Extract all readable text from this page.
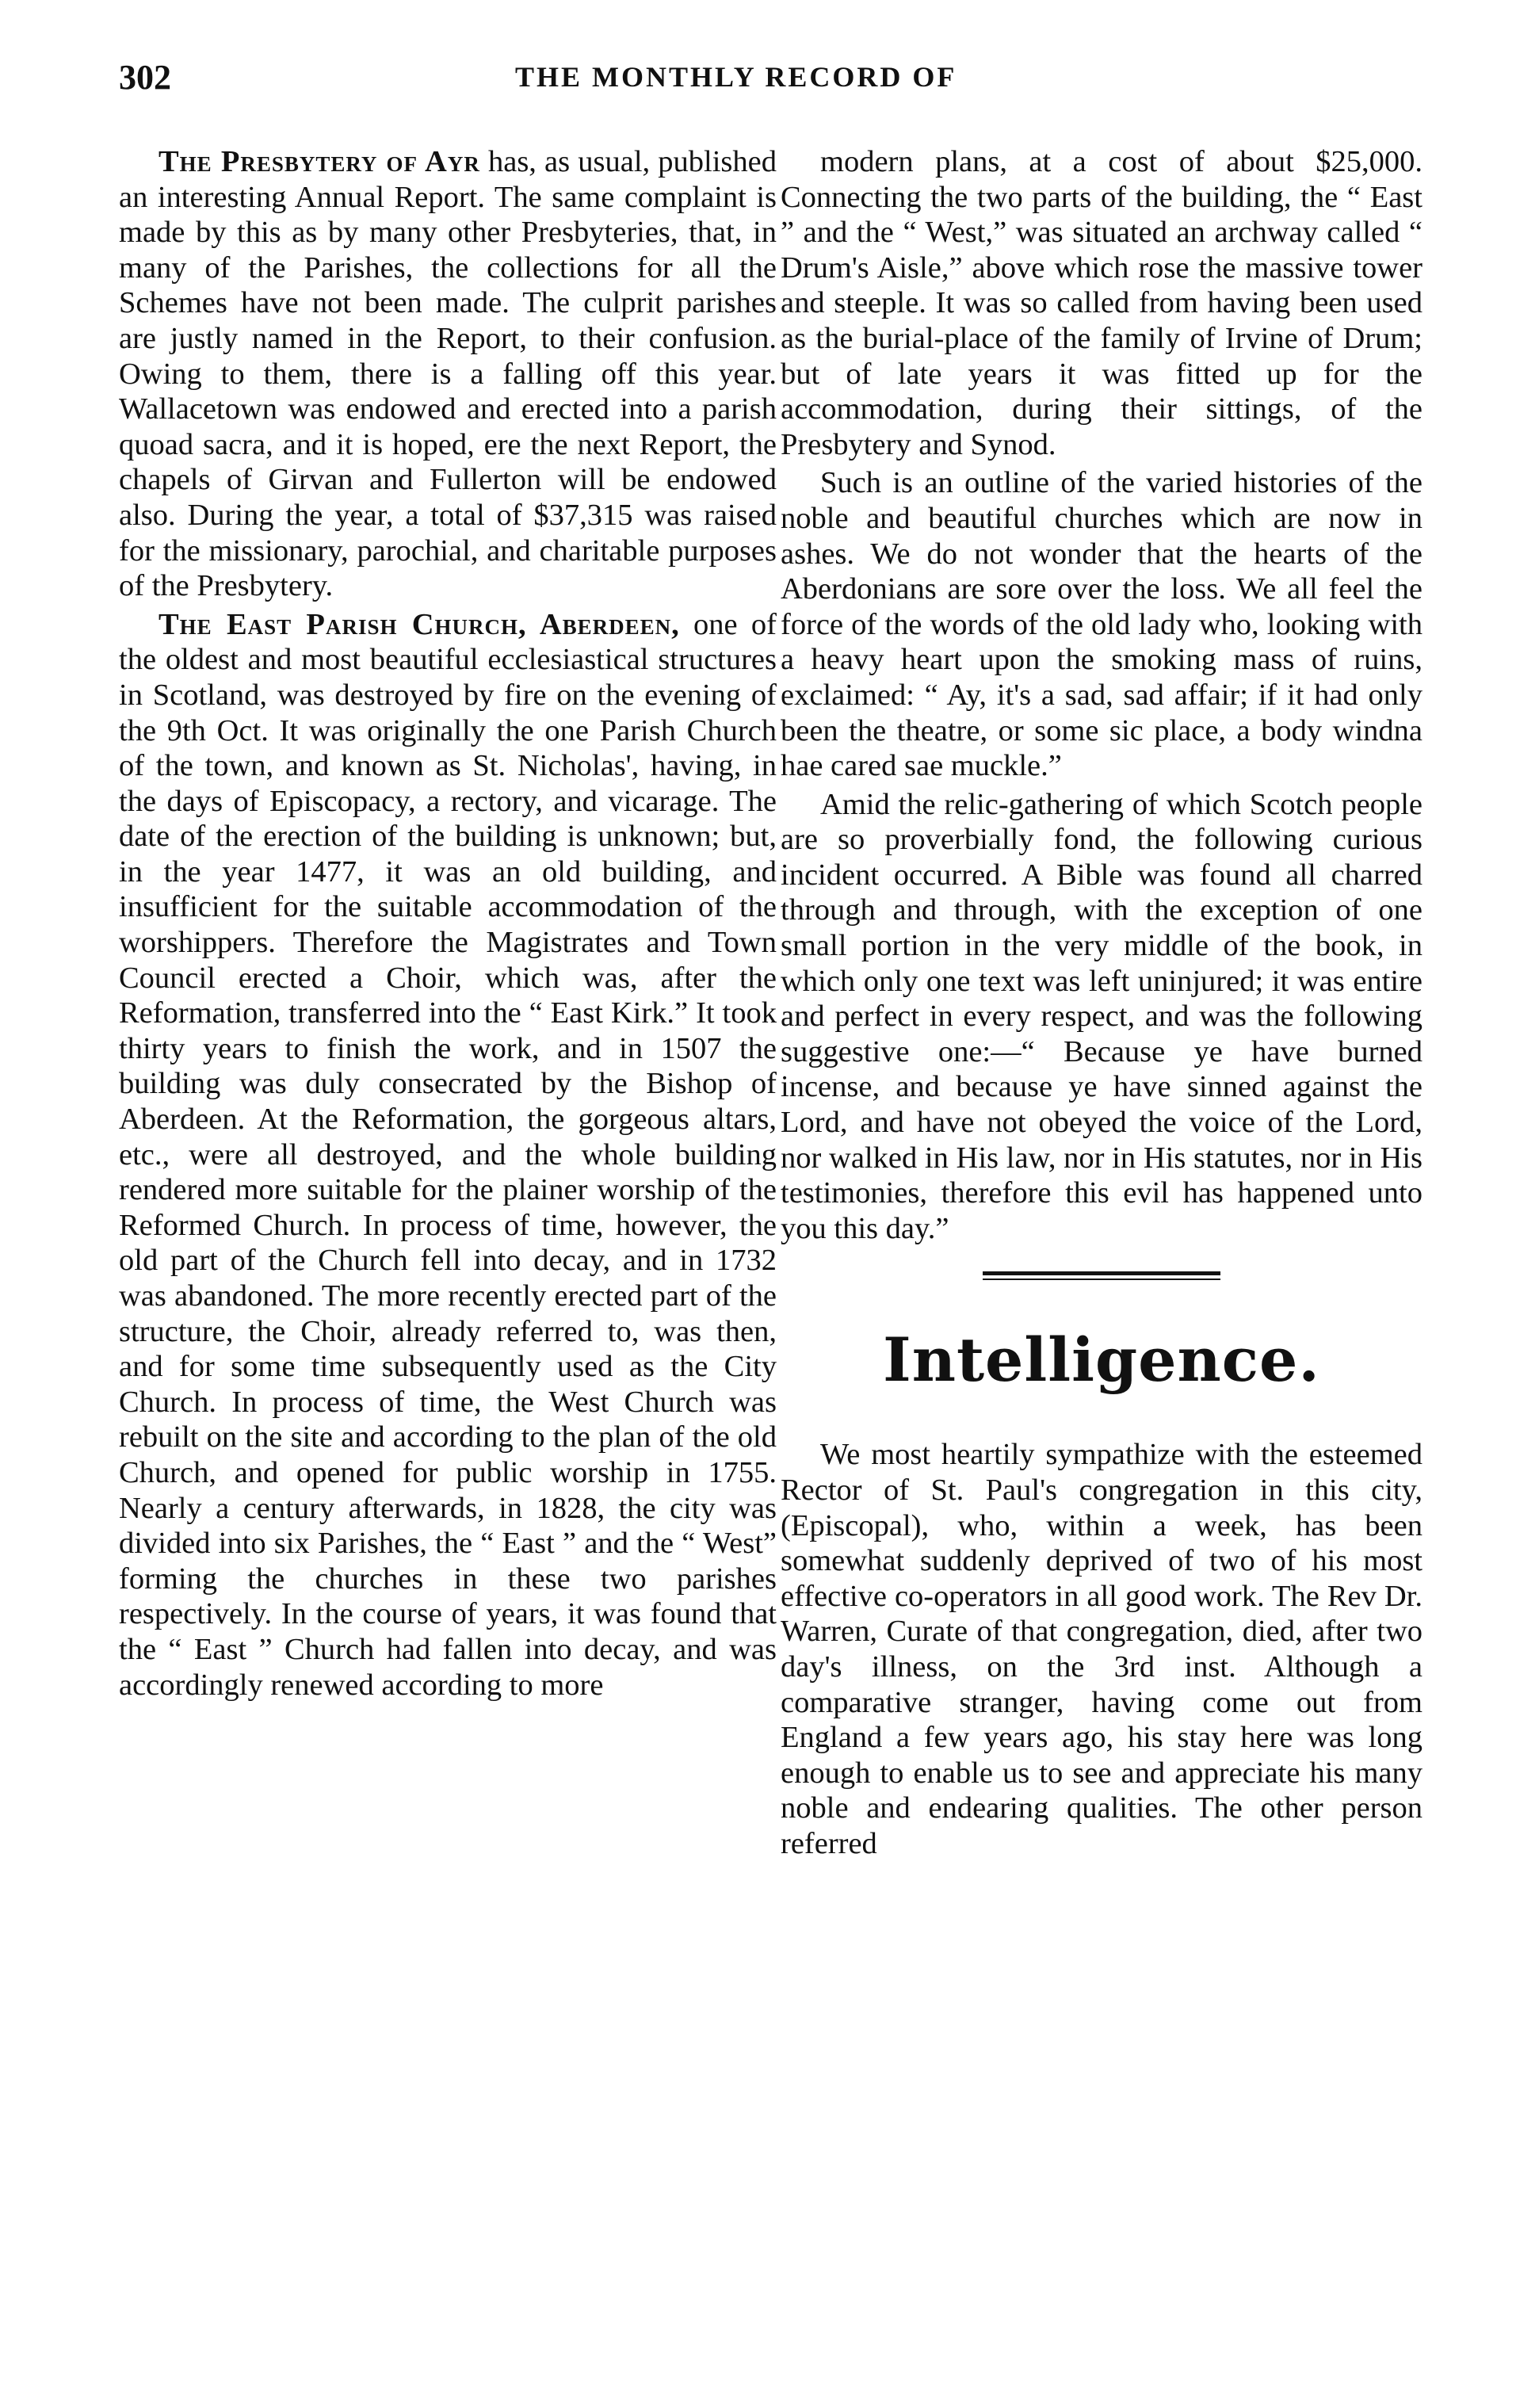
302	THE MONTHLY RECORD OF

The Presbytery of Ayr has, as usual, published an interesting Annual Report. The same complaint is made by this as by many other Presbyteries, that, in many of the Parishes, the collections for all the Schemes have not been made. The culprit parishes are justly named in the Report, to their confusion. Owing to them, there is a falling off this year. Wallacetown was endowed and erected into a parish quoad sacra, and it is hoped, ere the next Report, the chapels of Girvan and Fullerton will be endowed also. During the year, a total of $37,315 was raised for the missionary, parochial, and charitable purposes of the Presbytery.

The East Parish Church, Aberdeen, one of the oldest and most beautiful ecclesiastical structures in Scotland, was destroyed by fire on the evening of the 9th Oct. It was originally the one Parish Church of the town, and known as St. Nicholas', having, in the days of Episcopacy, a rectory, and vicarage. The date of the erection of the building is unknown; but, in the year 1477, it was an old building, and insufficient for the suitable accommodation of the worshippers. Therefore the Magistrates and Town Council erected a Choir, which was, after the Reformation, transferred into the “ East Kirk.” It took thirty years to finish the work, and in 1507 the building was duly consecrated by the Bishop of Aberdeen. At the Reformation, the gorgeous altars, etc., were all destroyed, and the whole building rendered more suitable for the plainer worship of the Reformed Church. In process of time, however, the old part of the Church fell into decay, and in 1732 was abandoned. The more recently erected part of the structure, the Choir, already referred to, was then, and for some time subsequently used as the City Church. In process of time, the West Church was rebuilt on the site and according to the plan of the old Church, and opened for public worship in 1755. Nearly a century afterwards, in 1828, the city was divided into six Parishes, the “ East ” and the “ West” forming the churches in these two parishes respectively. In the course of years, it was found that the “ East ” Church had fallen into decay, and was accordingly renewed according to more

modern plans, at a cost of about $25,000. Connecting the two parts of the building, the “ East ” and the “ West,” was situated an archway called “ Drum's Aisle,” above which rose the massive tower and steeple. It was so called from having been used as the burial-place of the family of Irvine of Drum; but of late years it was fitted up for the accommodation, during their sittings, of the Presbytery and Synod.

Such is an outline of the varied histories of the noble and beautiful churches which are now in ashes. We do not wonder that the hearts of the Aberdonians are sore over the loss. We all feel the force of the words of the old lady who, looking with a heavy heart upon the smoking mass of ruins, exclaimed: “ Ay, it's a sad, sad affair; if it had only been the theatre, or some sic place, a body windna hae cared sae muckle.”

Amid the relic-gathering of which Scotch people are so proverbially fond, the following curious incident occurred. A Bible was found all charred through and through, with the exception of one small portion in the very middle of the book, in which only one text was left uninjured; it was entire and perfect in every respect, and was the following suggestive one:—“ Because ye have burned incense, and because ye have sinned against the Lord, and have not obeyed the voice of the Lord, nor walked in His law, nor in His statutes, nor in His testimonies, therefore this evil has happened unto you this day.”

Intelligence.

We most heartily sympathize with the esteemed Rector of St. Paul's congregation in this city, (Episcopal), who, within a week, has been somewhat suddenly deprived of two of his most effective co-operators in all good work. The Rev Dr. Warren, Curate of that congregation, died, after two day's illness, on the 3rd inst. Although a comparative stranger, having come out from England a few years ago, his stay here was long enough to enable us to see and appreciate his many noble and endearing qualities. The other person referred
